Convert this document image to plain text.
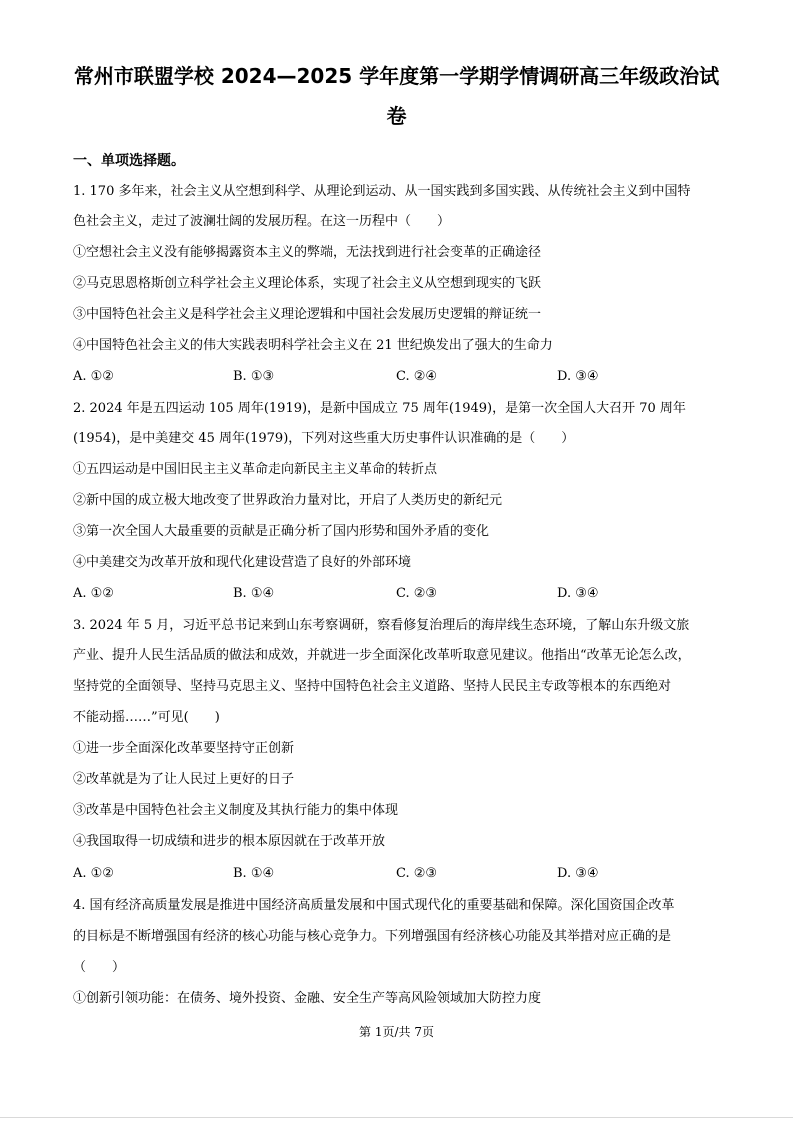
常州市联盟学校 2024—2025 学年度第一学期学情调研高三年级政治试
卷
一、单项选择题。
1. 170 多年来，社会主义从空想到科学、从理论到运动、从一国实践到多国实践、从传统社会主义到中国特
色社会主义，走过了波澜壮阔的发展历程。在这一历程中（　　）
①空想社会主义没有能够揭露资本主义的弊端，无法找到进行社会变革的正确途径
②马克思恩格斯创立科学社会主义理论体系，实现了社会主义从空想到现实的飞跃
③中国特色社会主义是科学社会主义理论逻辑和中国社会发展历史逻辑的辩证统一
④中国特色社会主义的伟大实践表明科学社会主义在 21 世纪焕发出了强大的生命力
A. ①②	B. ①③	C. ②④	D. ③④
2. 2024 年是五四运动 105 周年(1919)，是新中国成立 75 周年(1949)，是第一次全国人大召开 70 周年
(1954)，是中美建交 45 周年(1979)，下列对这些重大历史事件认识准确的是（　　）
①五四运动是中国旧民主主义革命走向新民主主义革命的转折点
②新中国的成立极大地改变了世界政治力量对比，开启了人类历史的新纪元
③第一次全国人大最重要的贡献是正确分析了国内形势和国外矛盾的变化
④中美建交为改革开放和现代化建设营造了良好的外部环境
A. ①②	B. ①④	C. ②③	D. ③④
3. 2024 年 5 月，习近平总书记来到山东考察调研，察看修复治理后的海岸线生态环境，了解山东升级文旅
产业、提升人民生活品质的做法和成效，并就进一步全面深化改革听取意见建议。他指出“改革无论怎么改，
坚持党的全面领导、坚持马克思主义、坚持中国特色社会主义道路、坚持人民民主专政等根本的东西绝对
不能动摇……”可见(　　)
①进一步全面深化改革要坚持守正创新
②改革就是为了让人民过上更好的日子
③改革是中国特色社会主义制度及其执行能力的集中体现
④我国取得一切成绩和进步的根本原因就在于改革开放
A. ①②	B. ①④	C. ②③	D. ③④
4. 国有经济高质量发展是推进中国经济高质量发展和中国式现代化的重要基础和保障。深化国资国企改革
的目标是不断增强国有经济的核心功能与核心竞争力。下列增强国有经济核心功能及其举措对应正确的是
（　　）
①创新引领功能：在债务、境外投资、金融、安全生产等高风险领域加大防控力度
第 1页/共 7页
